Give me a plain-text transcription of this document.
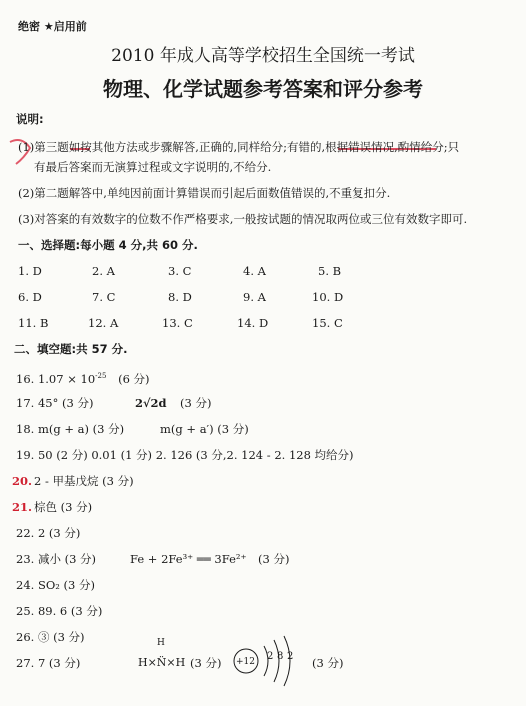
绝密 ★启用前
2010 年成人高等学校招生全国统一考试
物理、化学试题参考答案和评分参考
说明:
(1)第三题如按其他方法或步骤解答,正确的,同样给分;有错的,根据错误情况,酌情给分;只
有最后答案而无演算过程或文字说明的,不给分.
(2)第二题解答中,单纯因前面计算错误而引起后面数值错误的,不重复扣分.
(3)对答案的有效数字的位数不作严格要求,一般按试题的情况取两位或三位有效数字即可.
一、选择题:每小题 4 分,共 60 分.
1. D	2. A	3. C	4. A	5. B
6. D	7. C	8. D	9. A	10. D
11. B	12. A	13. C	14. D	15. C
二、填空题:共 57 分.
16. $1.07 \times 10^{-25}$ (6 分)
17. 45° (3 分)	2√2d (3 分)
18. m(g + a) (3 分)	m(g + a′) (3 分)
19. 50 (2 分) 0.01 (1 分) 2. 126 (3 分,2. 124 - 2. 128 均给分)
20. 2 - 甲基戊烷 (3 分)
21. 棕色 (3 分)
22. 2 (3 分)
23. 减小 (3 分)	Fe + 2Fe³⁺ ══ 3Fe²⁺ (3 分)
24. SO₂ (3 分)
25. 89. 6 (3 分)
26. ③ (3 分)
27. 7 (3 分)
H
H×N̈×H (3 分) +12 2 8 2 (3 分)
